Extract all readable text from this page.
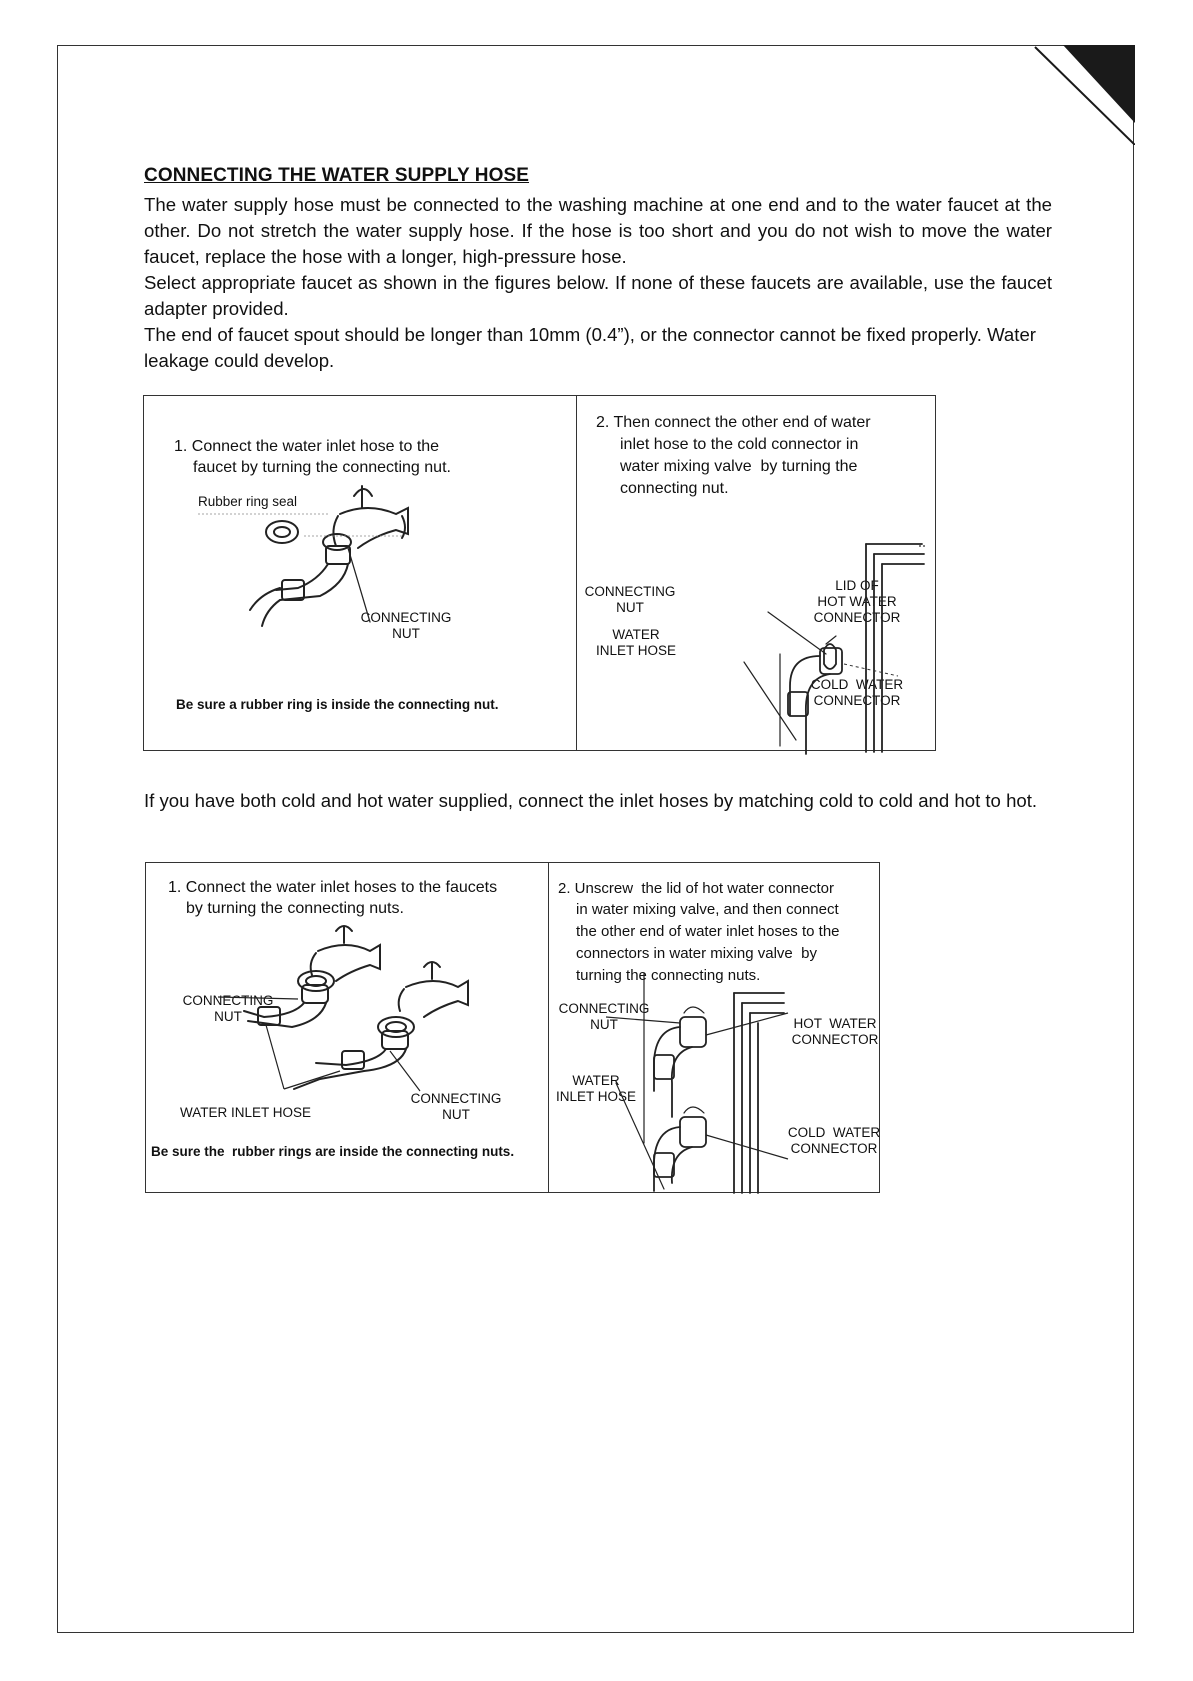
CONNECTING THE WATER SUPPLY HOSE

The water supply hose must be connected to the washing machine at one end and to the water faucet at the other. Do not stretch the water supply hose. If the hose is too short and you do not wish to move the water faucet, replace the hose with a longer, high-pressure hose.

Select appropriate faucet as shown in the figures below. If none of these faucets are available, use the faucet adapter provided.

The end of faucet spout should be longer than 10mm (0.4”), or the connector cannot be fixed properly. Water leakage could develop.

1. Connect the water inlet hose to the
faucet by turning the connecting nut.
Rubber ring seal
CONNECTING
NUT
Be sure a rubber ring is inside the connecting nut.
2. Then connect the other end of water
inlet hose to the cold connector in
water mixing valve  by turning the
connecting nut.
CONNECTING
NUT
WATER
INLET HOSE
LID OF
HOT WATER
CONNECTOR
COLD  WATER
CONNECTOR
If you have both cold and hot water supplied, connect the inlet hoses by matching cold to cold and hot to hot.
1. Connect the water inlet hoses to the faucets
by turning the connecting nuts.
CONNECTING
NUT
CONNECTING
NUT
WATER INLET HOSE
Be sure the  rubber rings are inside the connecting nuts.
2. Unscrew  the lid of hot water connector
in water mixing valve, and then connect
the other end of water inlet hoses to the
connectors in water mixing valve  by
turning the connecting nuts.
CONNECTING
NUT
WATER
INLET HOSE
HOT  WATER
CONNECTOR
COLD  WATER
CONNECTOR
